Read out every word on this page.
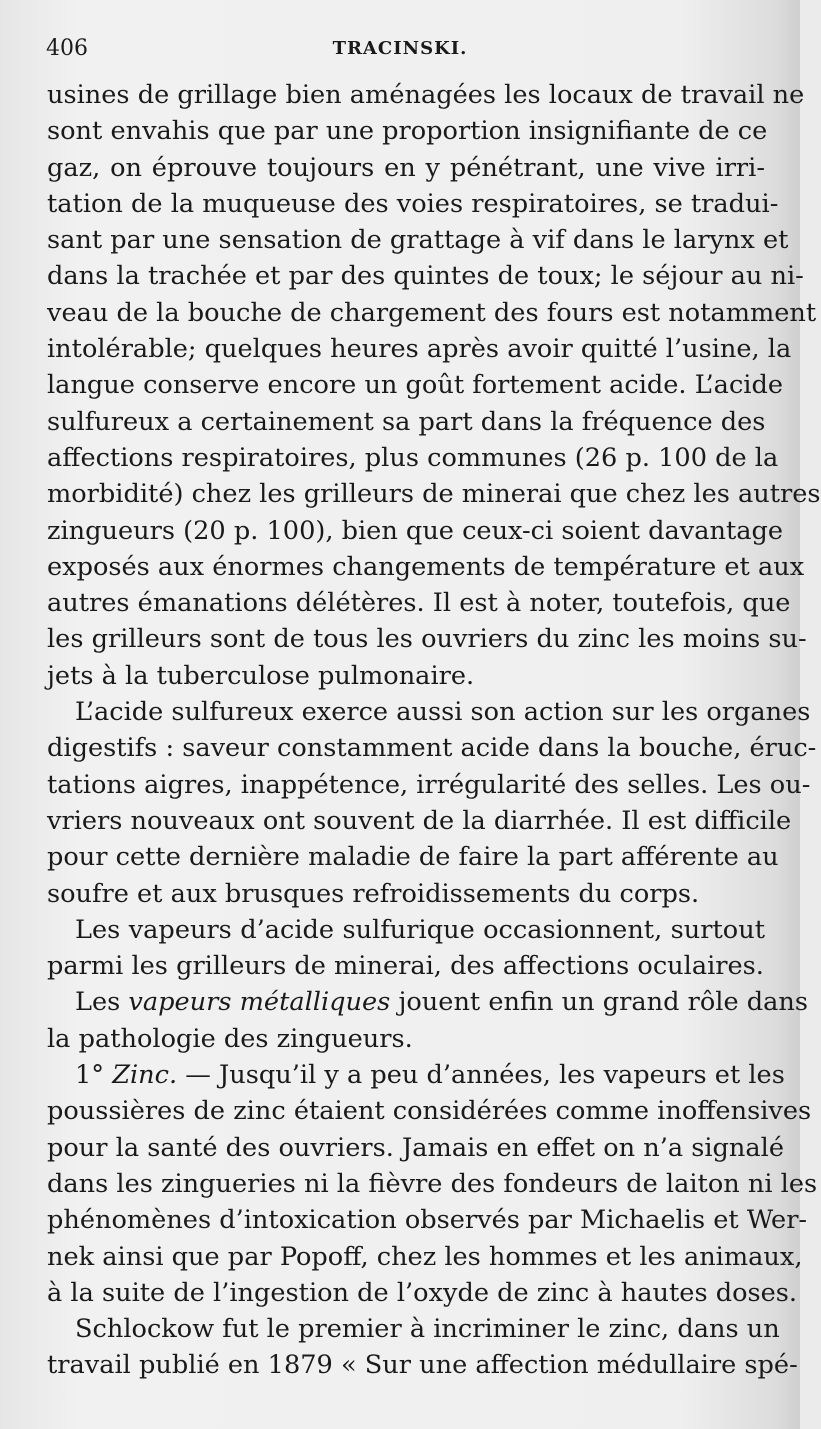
406	TRACINSKI.
usines de grillage bien aménagées les locaux de travail ne
sont envahis que par une proportion insignifiante de ce
gaz, on éprouve toujours en y pénétrant, une vive irri-
tation de la muqueuse des voies respiratoires, se tradui-
sant par une sensation de grattage à vif dans le larynx et
dans la trachée et par des quintes de toux; le séjour au ni-
veau de la bouche de chargement des fours est notamment
intolérable; quelques heures après avoir quitté l’usine, la
langue conserve encore un goût fortement acide. L’acide
sulfureux a certainement sa part dans la fréquence des
affections respiratoires, plus communes (26 p. 100 de la
morbidité) chez les grilleurs de minerai que chez les autres
zingueurs (20 p. 100), bien que ceux-ci soient davantage
exposés aux énormes changements de température et aux
autres émanations délétères. Il est à noter, toutefois, que
les grilleurs sont de tous les ouvriers du zinc les moins su-
jets à la tuberculose pulmonaire.
L’acide sulfureux exerce aussi son action sur les organes
digestifs : saveur constamment acide dans la bouche, éruc-
tations aigres, inappétence, irrégularité des selles. Les ou-
vriers nouveaux ont souvent de la diarrhée. Il est difficile
pour cette dernière maladie de faire la part afférente au
soufre et aux brusques refroidissements du corps.
Les vapeurs d’acide sulfurique occasionnent, surtout
parmi les grilleurs de minerai, des affections oculaires.
Les vapeurs métalliques jouent enfin un grand rôle dans
la pathologie des zingueurs.
1° Zinc. — Jusqu’il y a peu d’années, les vapeurs et les
poussières de zinc étaient considérées comme inoffensives
pour la santé des ouvriers. Jamais en effet on n’a signalé
dans les zingueries ni la fièvre des fondeurs de laiton ni les
phénomènes d’intoxication observés par Michaelis et Wer-
nek ainsi que par Popoff, chez les hommes et les animaux,
à la suite de l’ingestion de l’oxyde de zinc à hautes doses.
Schlockow fut le premier à incriminer le zinc, dans un
travail publié en 1879 « Sur une affection médullaire spé-
